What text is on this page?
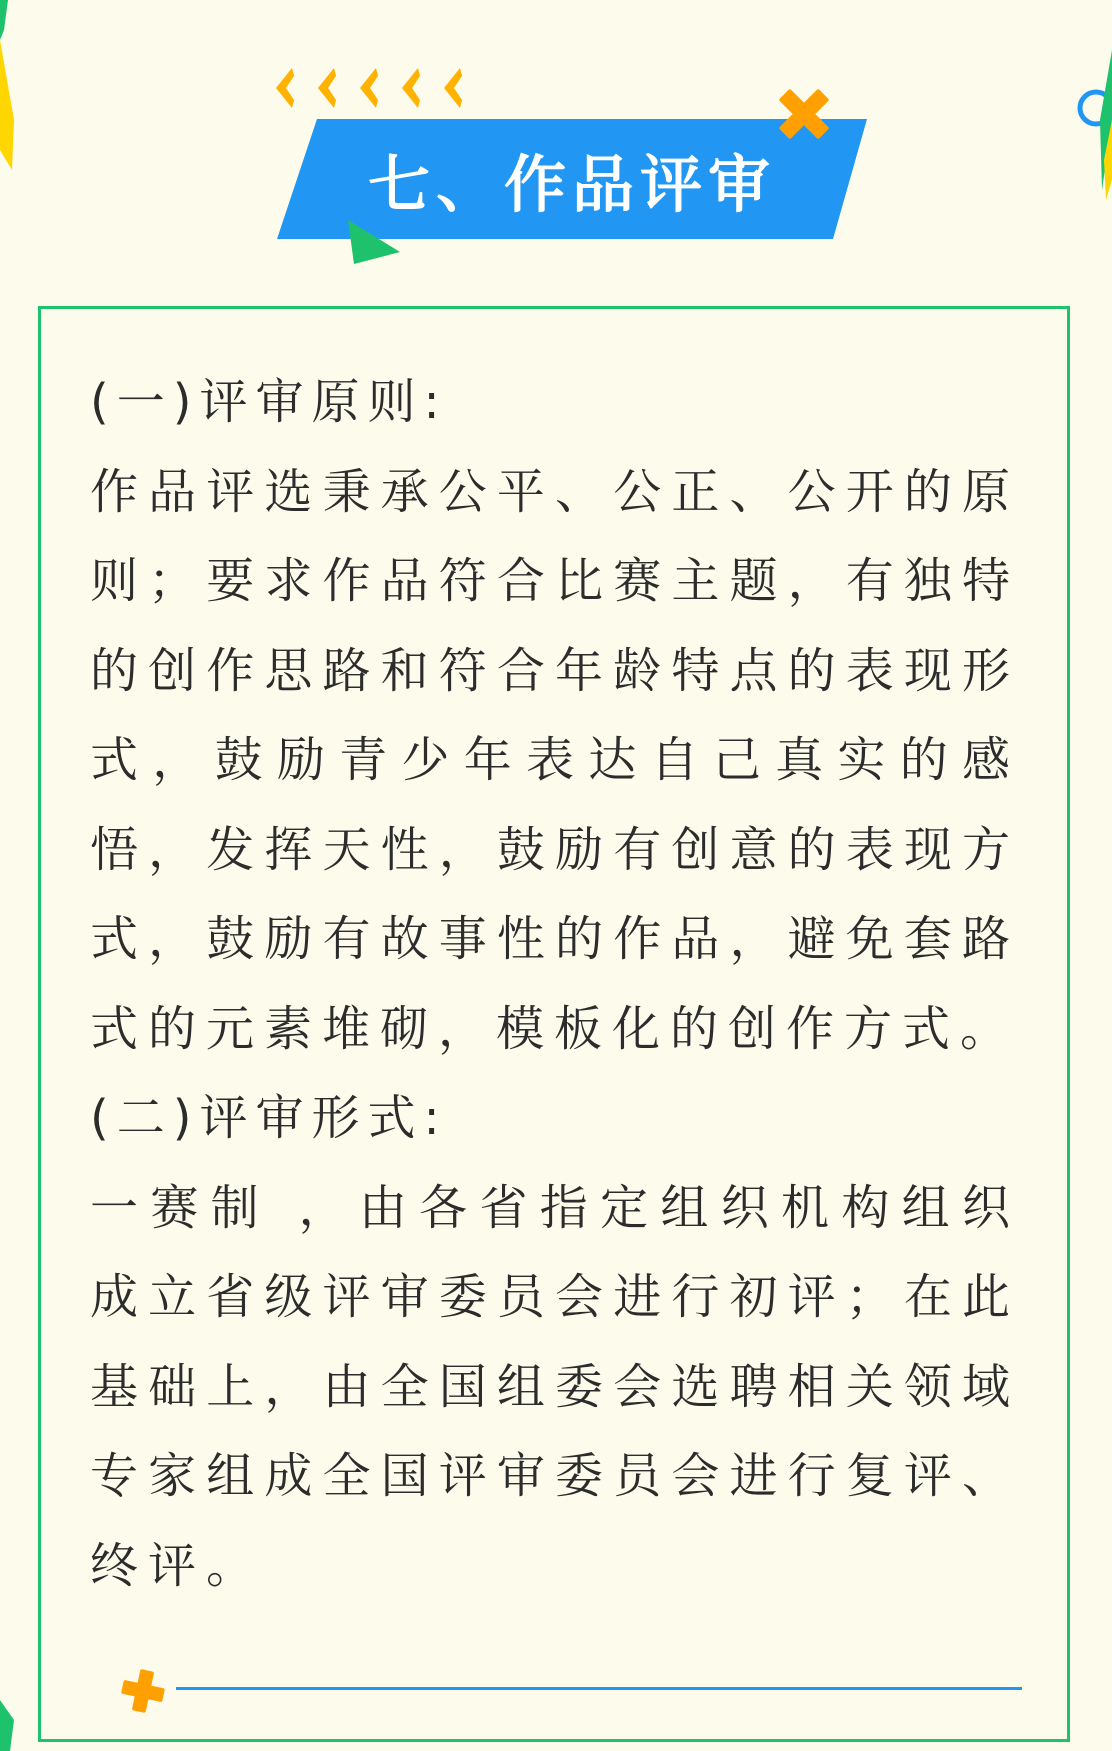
七、作品评审

(一)评审原则:

作品评选秉承公平、公正、公开的原则；要求作品符合比赛主题，有独特的创作思路和符合年龄特点的表现形式，鼓励青少年表达自己真实的感悟，发挥天性，鼓励有创意的表现方式，鼓励有故事性的作品，避免套路式的元素堆砌，模板化的创作方式。

(二)评审形式:

一赛制 ，由各省指定组织机构组织成立省级评审委员会进行初评；在此基础上，由全国组委会选聘相关领域专家组成全国评审委员会进行复评、终评。
